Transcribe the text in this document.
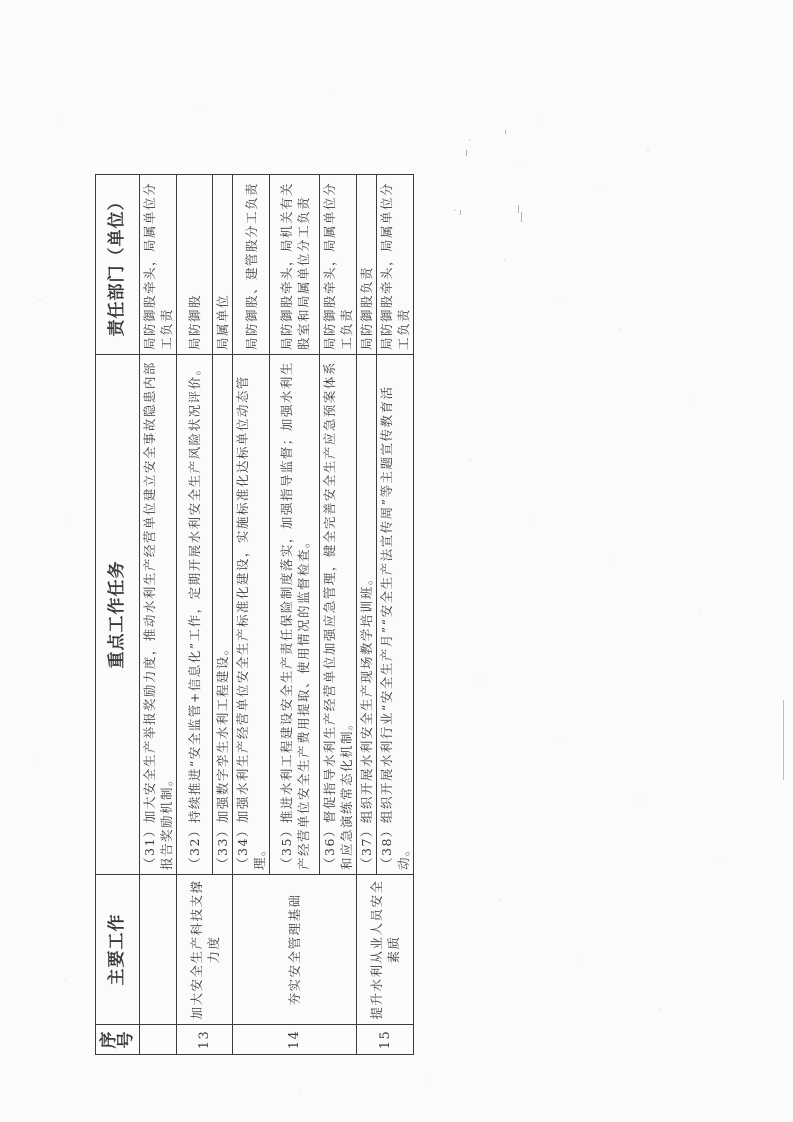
序号	主要工作	重点工作任务	责任部门（单位）
		（31）加大安全生产举报奖励力度，推动水利生产经营单位建立安全事故隐患内部报告奖励机制。	局防御股牵头，局属单位分工负责
13	加大安全生产科技支撑力度	（32）持续推进“安全监管+信息化”工作，定期开展水利安全生产风险状况评价。	局防御股
		（33）加强数字孪生水利工程建设。	局属单位
14	夯实安全管理基础	（34）加强水利生产经营单位安全生产标准化建设，实施标准化达标单位动态管理。	局防御股、建管股分工负责
		（35）推进水利工程建设安全生产责任保险制度落实，加强指导监督；加强水利生产经营单位安全生产费用提取、使用情况的监督检查。	局防御股牵头，局机关有关股室和局属单位分工负责
		（36）督促指导水利生产经营单位加强应急管理，健全完善安全生产应急预案体系和应急演练常态化机制。	局防御股牵头，局属单位分工负责
15	提升水利从业人员安全素质	（37）组织开展水利安全生产现场教学培训班。	局防御股负责
		（38）组织开展水利行业“安全生产月”“安全生产法宣传周”等主题宣传教育活动。	局防御股牵头，局属单位分工负责
